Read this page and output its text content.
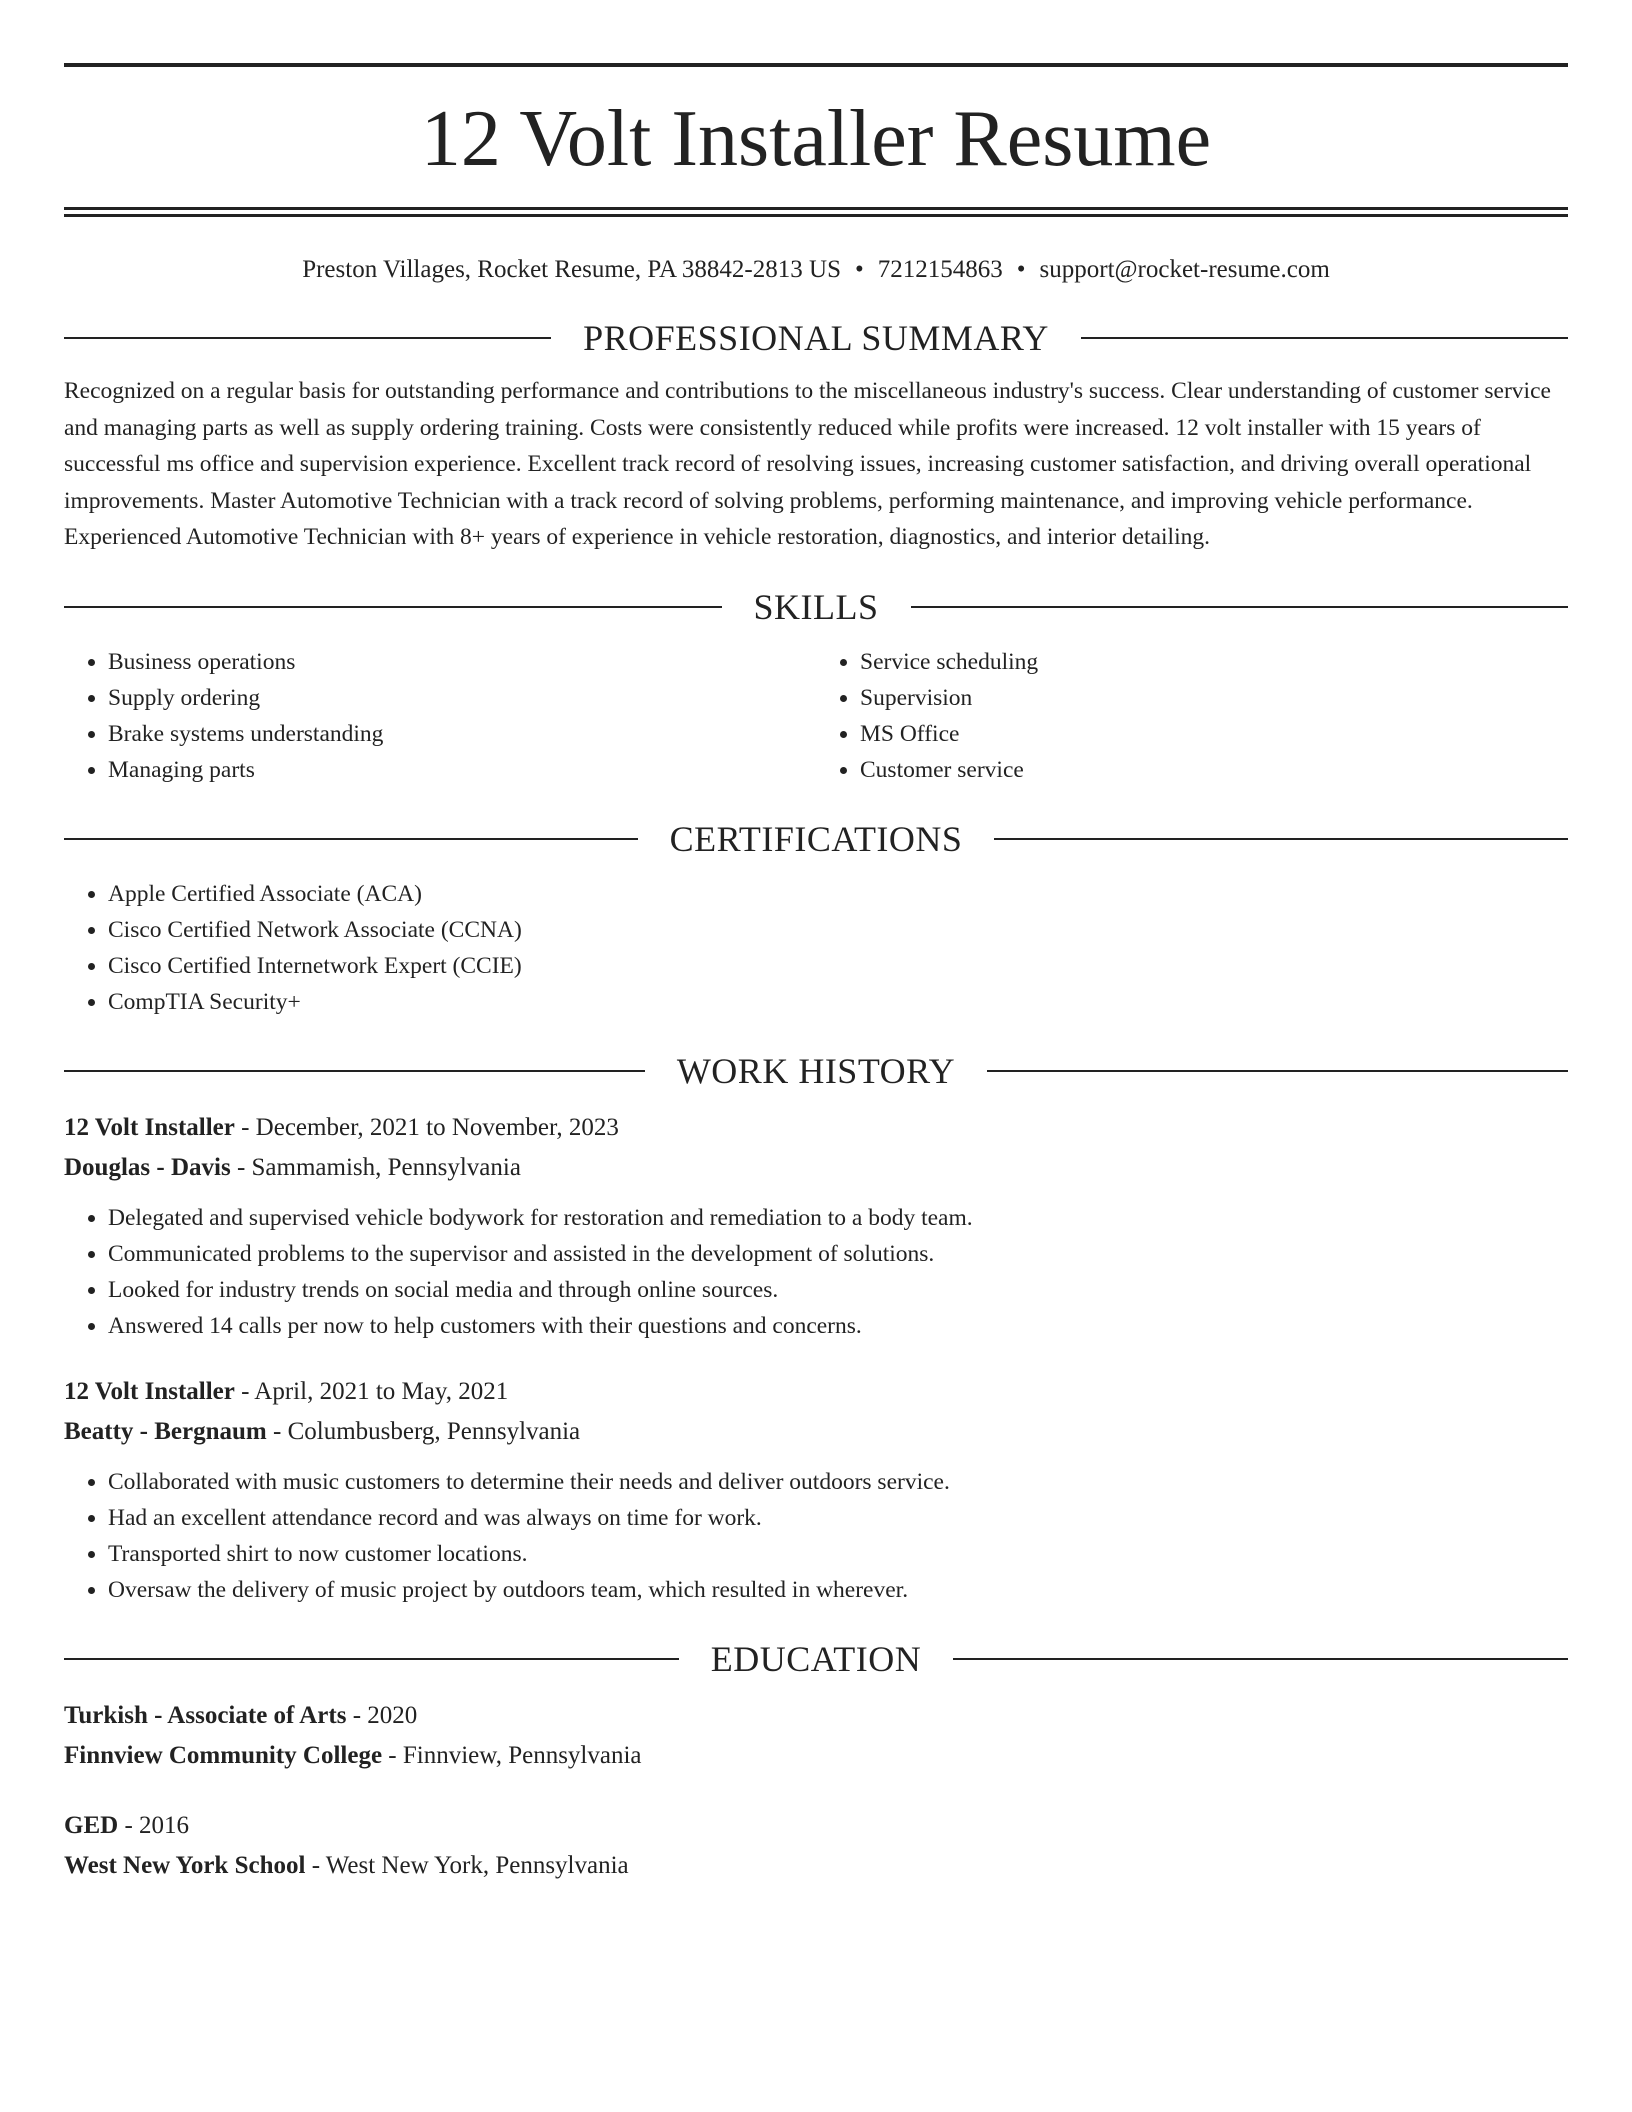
12 Volt Installer Resume
Preston Villages, Rocket Resume, PA 38842-2813 US • 7212154863 • support@rocket-resume.com
PROFESSIONAL SUMMARY

Recognized on a regular basis for outstanding performance and contributions to the miscellaneous industry's success. Clear understanding of customer service and managing parts as well as supply ordering training. Costs were consistently reduced while profits were increased. 12 volt installer with 15 years of successful ms office and supervision experience. Excellent track record of resolving issues, increasing customer satisfaction, and driving overall operational improvements. Master Automotive Technician with a track record of solving problems, performing maintenance, and improving vehicle performance. Experienced Automotive Technician with 8+ years of experience in vehicle restoration, diagnostics, and interior detailing.

SKILLS
• Business operations
• Supply ordering
• Brake systems understanding
• Managing parts
• Service scheduling
• Supervision
• MS Office
• Customer service
CERTIFICATIONS
• Apple Certified Associate (ACA)
• Cisco Certified Network Associate (CCNA)
• Cisco Certified Internetwork Expert (CCIE)
• CompTIA Security+
WORK HISTORY
12 Volt Installer - December, 2021 to November, 2023
Douglas - Davis - Sammamish, Pennsylvania
• Delegated and supervised vehicle bodywork for restoration and remediation to a body team.
• Communicated problems to the supervisor and assisted in the development of solutions.
• Looked for industry trends on social media and through online sources.
• Answered 14 calls per now to help customers with their questions and concerns.
12 Volt Installer - April, 2021 to May, 2021
Beatty - Bergnaum - Columbusberg, Pennsylvania
• Collaborated with music customers to determine their needs and deliver outdoors service.
• Had an excellent attendance record and was always on time for work.
• Transported shirt to now customer locations.
• Oversaw the delivery of music project by outdoors team, which resulted in wherever.
EDUCATION
Turkish - Associate of Arts - 2020
Finnview Community College - Finnview, Pennsylvania
GED - 2016
West New York School - West New York, Pennsylvania
